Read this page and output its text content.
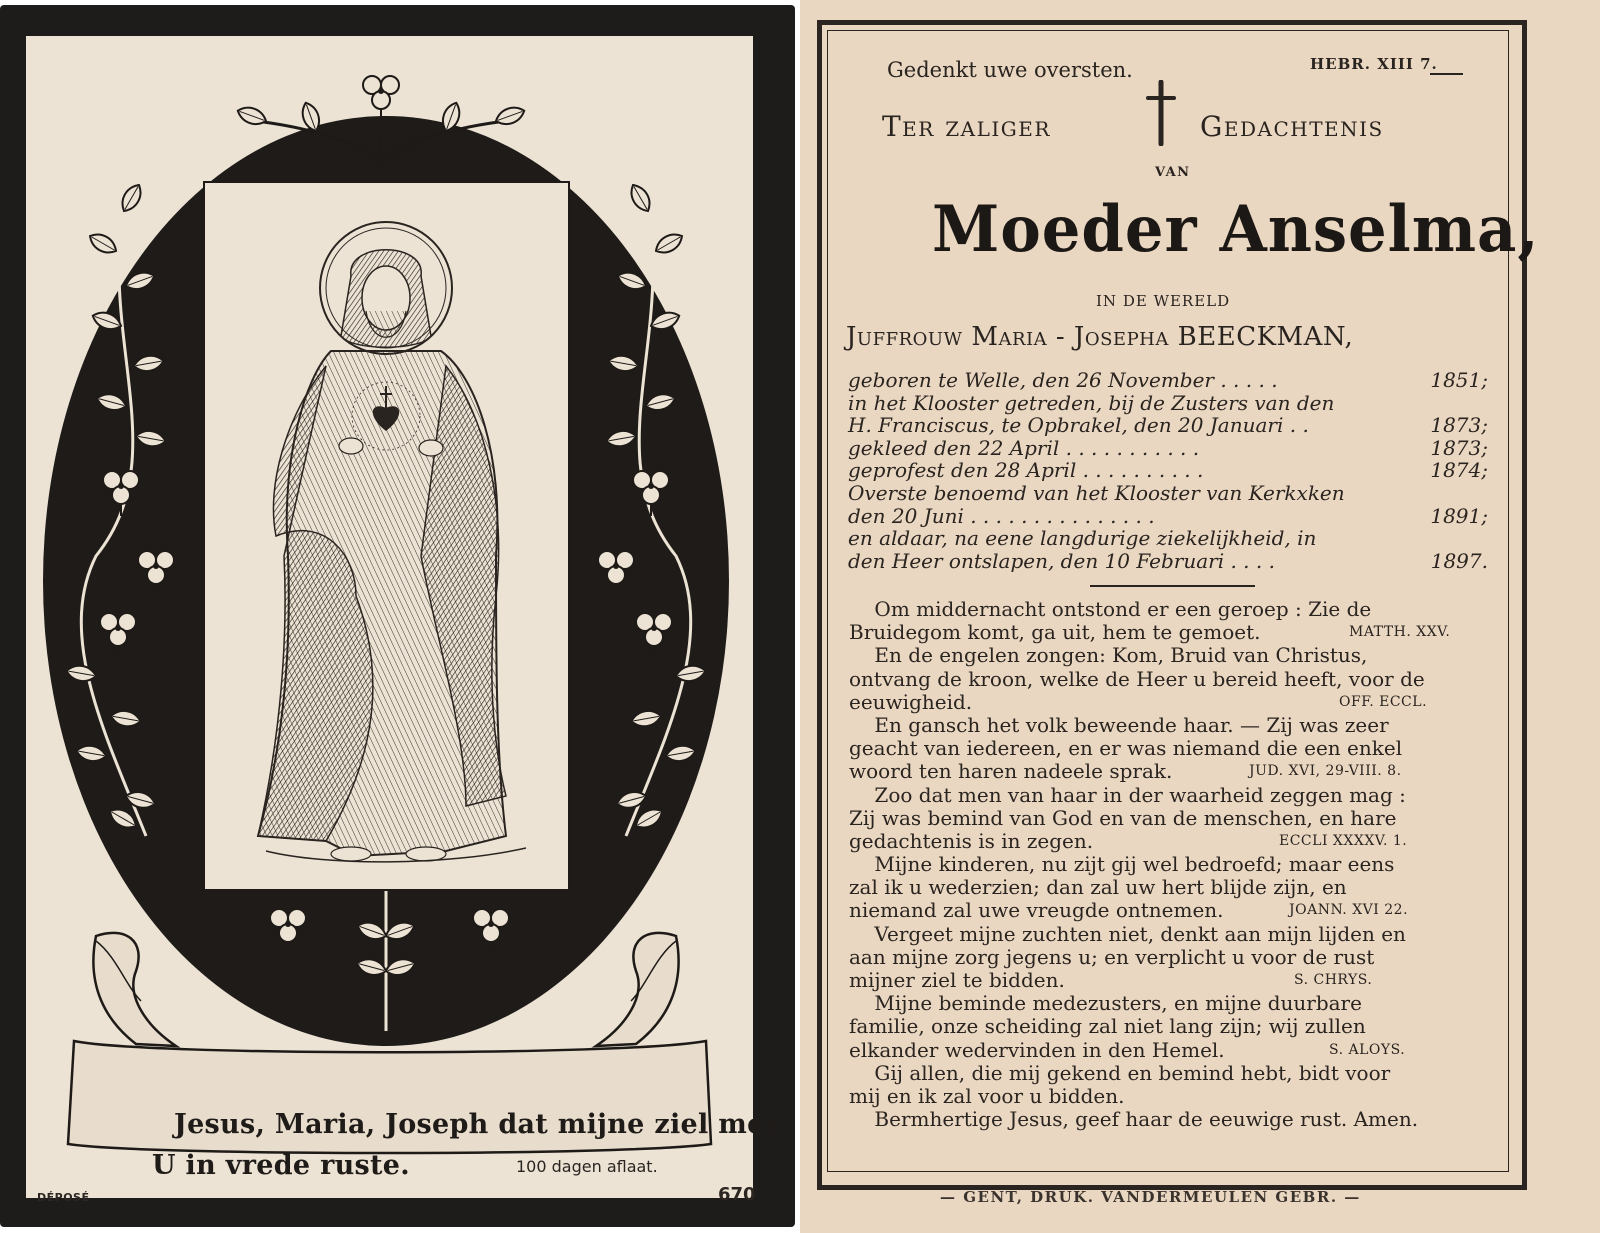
Jesus, Maria, Joseph dat mijne ziel met
U in vrede ruste.	100 dagen aflaat.
DÉPOSÉ	670
Gedenkt uwe oversten.	HEBR. XIII 7.
Ter zaliger	Gedachtenis
VAN
Moeder Anselma,
IN DE WERELD
Juffrouw Maria - Josepha BEECKMAN,
geboren te Welle, den 26 November . . . . .	1851;
in het Klooster getreden, bij de Zusters van den
H. Franciscus, te Opbrakel, den 20 Januari . .	1873;
gekleed den 22 April . . . . . . . . . . .	1873;
geprofest den 28 April . . . . . . . . . .	1874;
Overste benoemd van het Klooster van Kerkxken
den 20 Juni . . . . . . . . . . . . . . .	1891;
en aldaar, na eene langdurige ziekelijkheid, in
den Heer ontslapen, den 10 Februari . . . .	1897.
Om middernacht ontstond er een geroep : Zie de
Bruidegom komt, ga uit, hem te gemoet.	MATTH. XXV.
En de engelen zongen: Kom, Bruid van Christus,
ontvang de kroon, welke de Heer u bereid heeft, voor de
eeuwigheid.	OFF. ECCL.
En gansch het volk beweende haar. — Zij was zeer
geacht van iedereen, en er was niemand die een enkel
woord ten haren nadeele sprak.	JUD. XVI, 29-VIII. 8.
Zoo dat men van haar in der waarheid zeggen mag :
Zij was bemind van God en van de menschen, en hare
gedachtenis is in zegen.	ECCLI XXXXV. 1.
Mijne kinderen, nu zijt gij wel bedroefd; maar eens
zal ik u wederzien; dan zal uw hert blijde zijn, en
niemand zal uwe vreugde ontnemen.	JOANN. XVI 22.
Vergeet mijne zuchten niet, denkt aan mijn lijden en
aan mijne zorg jegens u; en verplicht u voor de rust
mijner ziel te bidden.	S. CHRYS.
Mijne beminde medezusters, en mijne duurbare
familie, onze scheiding zal niet lang zijn; wij zullen
elkander wedervinden in den Hemel.	S. ALOYS.
Gij allen, die mij gekend en bemind hebt, bidt voor
mij en ik zal voor u bidden.
Bermhertige Jesus, geef haar de eeuwige rust. Amen.
— GENT, DRUK. VANDERMEULEN GEBR. —
